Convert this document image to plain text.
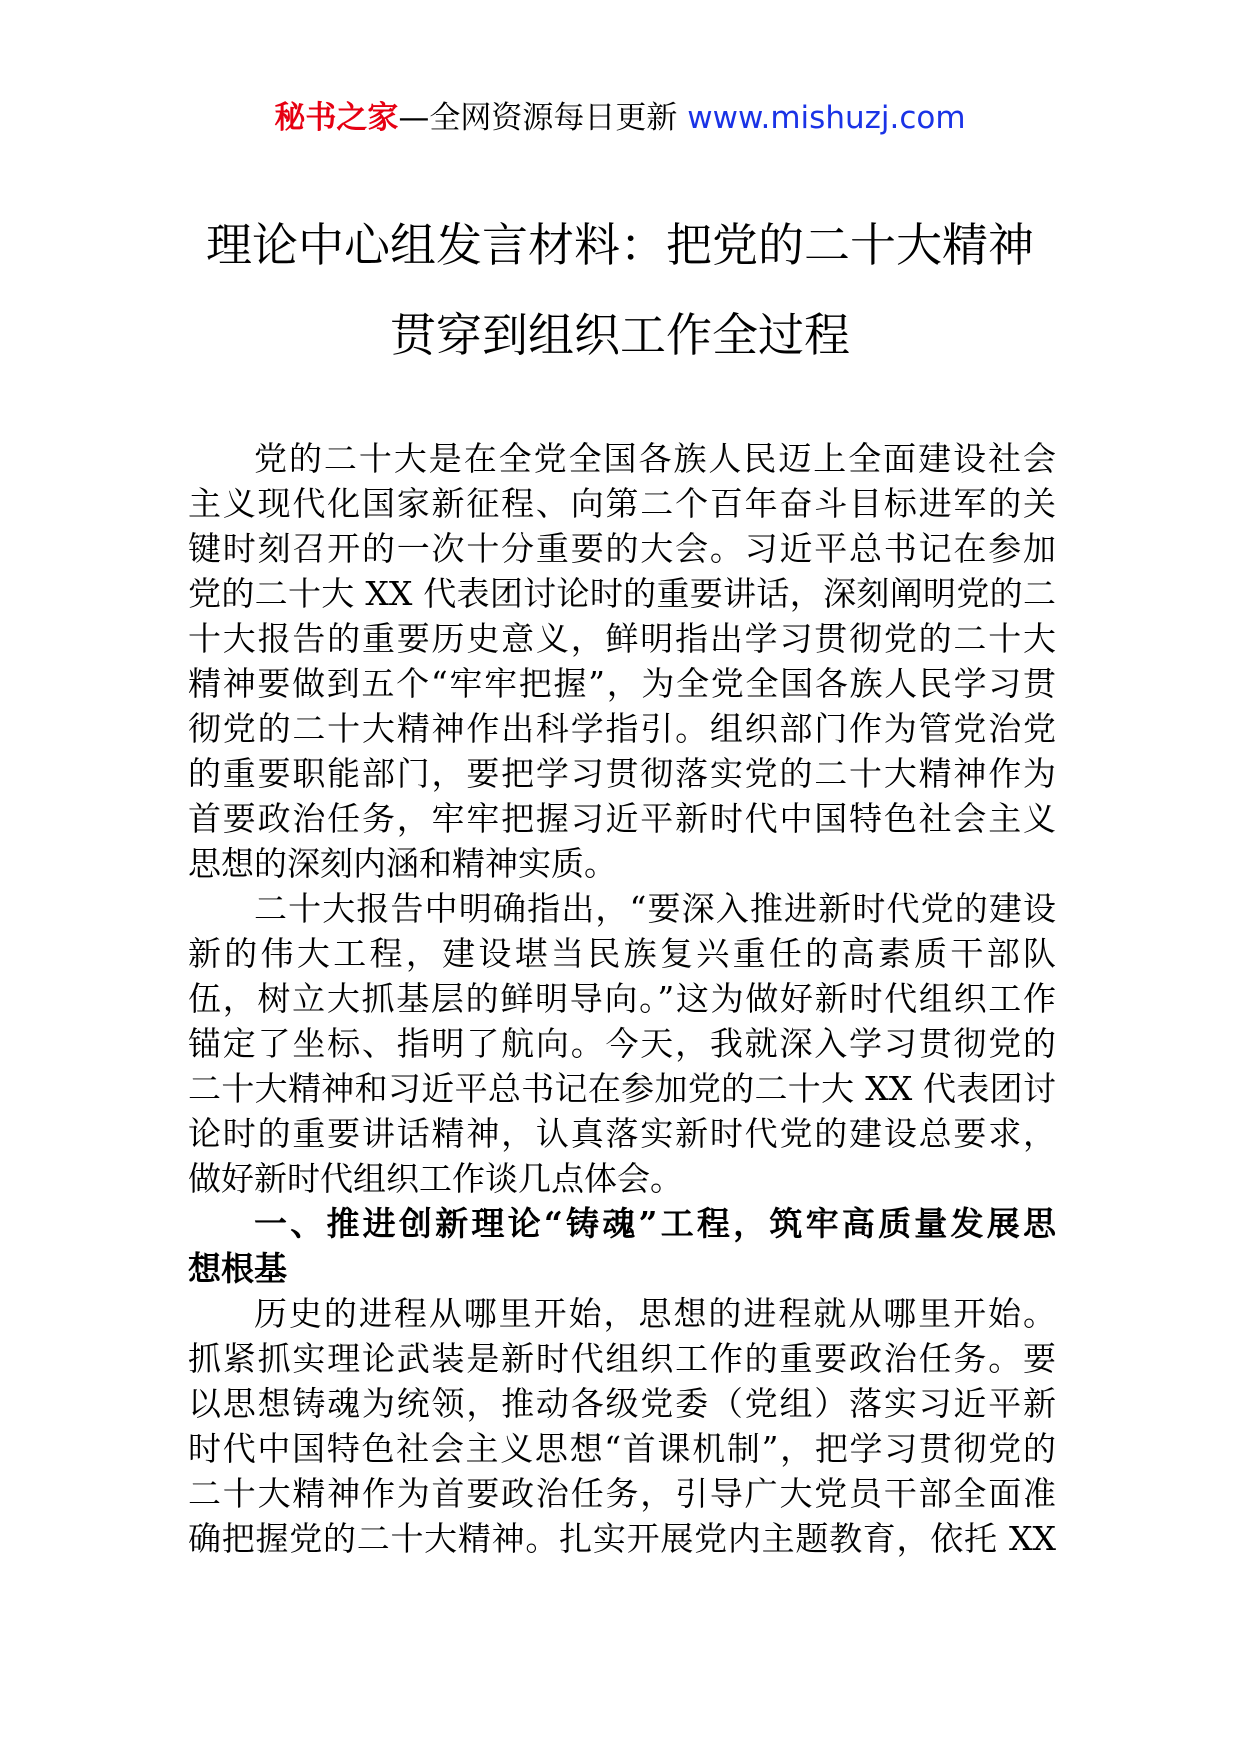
秘书之家—全网资源每日更新 www.mishuzj.com
理论中心组发言材料：把党的二十大精神
贯穿到组织工作全过程
党的二十大是在全党全国各族人民迈上全面建设社会
主义现代化国家新征程、向第二个百年奋斗目标进军的关
键时刻召开的一次十分重要的大会。习近平总书记在参加
党的二十大 XX 代表团讨论时的重要讲话，深刻阐明党的二
十大报告的重要历史意义，鲜明指出学习贯彻党的二十大
精神要做到五个“牢牢把握”，为全党全国各族人民学习贯
彻党的二十大精神作出科学指引。组织部门作为管党治党
的重要职能部门，要把学习贯彻落实党的二十大精神作为
首要政治任务，牢牢把握习近平新时代中国特色社会主义
思想的深刻内涵和精神实质。
二十大报告中明确指出，“要深入推进新时代党的建设
新的伟大工程，建设堪当民族复兴重任的高素质干部队
伍，树立大抓基层的鲜明导向。”这为做好新时代组织工作
锚定了坐标、指明了航向。今天，我就深入学习贯彻党的
二十大精神和习近平总书记在参加党的二十大 XX 代表团讨
论时的重要讲话精神，认真落实新时代党的建设总要求，
做好新时代组织工作谈几点体会。
一、推进创新理论“铸魂”工程，筑牢高质量发展思
想根基
历史的进程从哪里开始，思想的进程就从哪里开始。
抓紧抓实理论武装是新时代组织工作的重要政治任务。要
以思想铸魂为统领，推动各级党委（党组）落实习近平新
时代中国特色社会主义思想“首课机制”，把学习贯彻党的
二十大精神作为首要政治任务，引导广大党员干部全面准
确把握党的二十大精神。扎实开展党内主题教育，依托 XX
